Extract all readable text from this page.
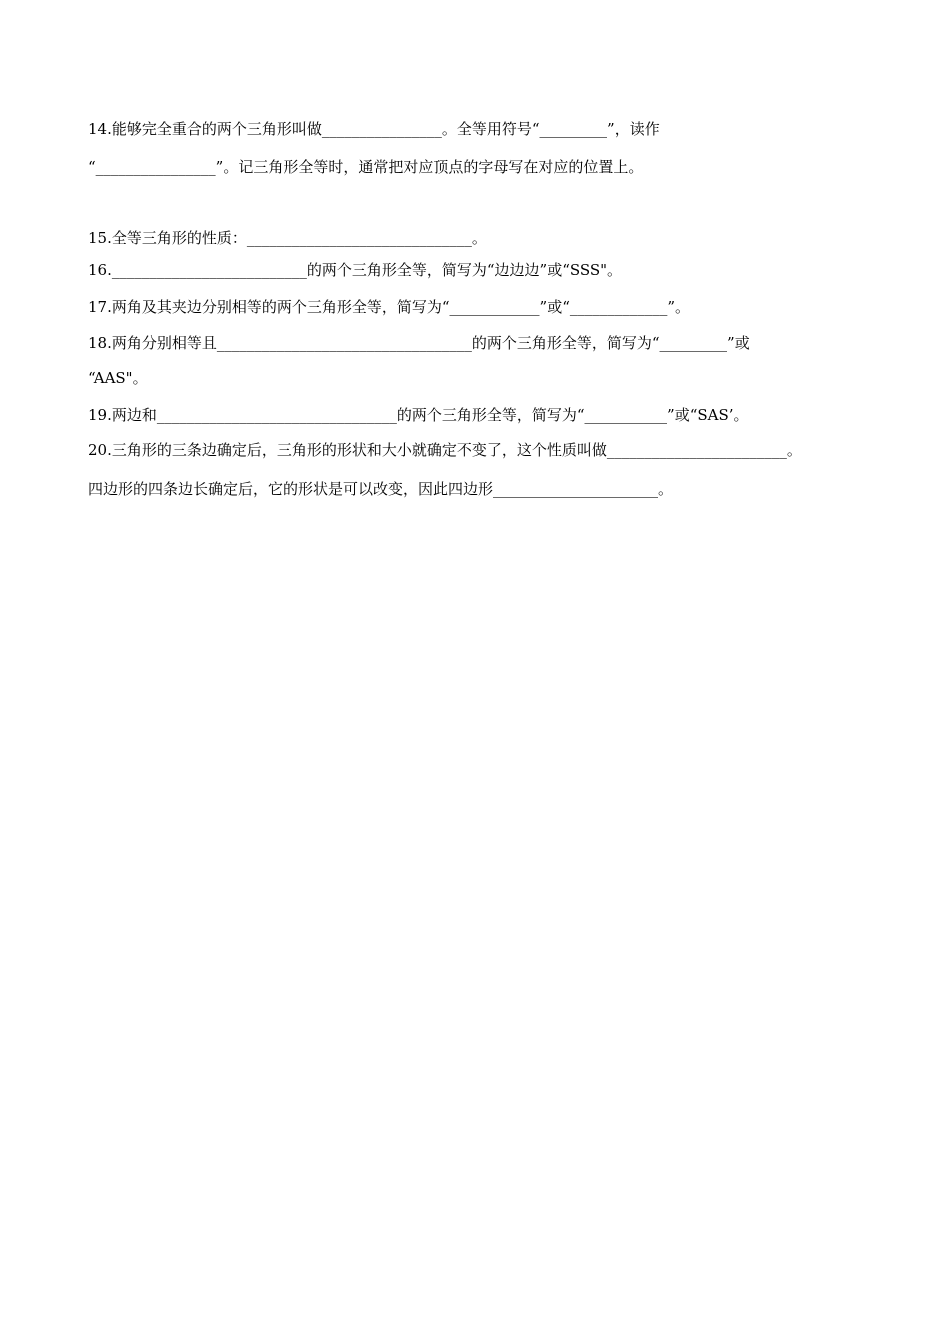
14.能够完全重合的两个三角形叫做________________。全等用符号“_________”，读作
“________________”。记三角形全等时，通常把对应顶点的字母写在对应的位置上。
15.全等三角形的性质：______________________________。
16.__________________________的两个三角形全等，简写为“边边边”或“SSS"。
17.两角及其夹边分别相等的两个三角形全等，简写为“____________”或“_____________”。
18.两角分别相等且__________________________________的两个三角形全等，简写为“_________”或
“AAS"。
19.两边和________________________________的两个三角形全等，简写为“___________”或“SAS’。
20.三角形的三条边确定后，三角形的形状和大小就确定不变了，这个性质叫做________________________。
四边形的四条边长确定后，它的形状是可以改变，因此四边形______________________。
